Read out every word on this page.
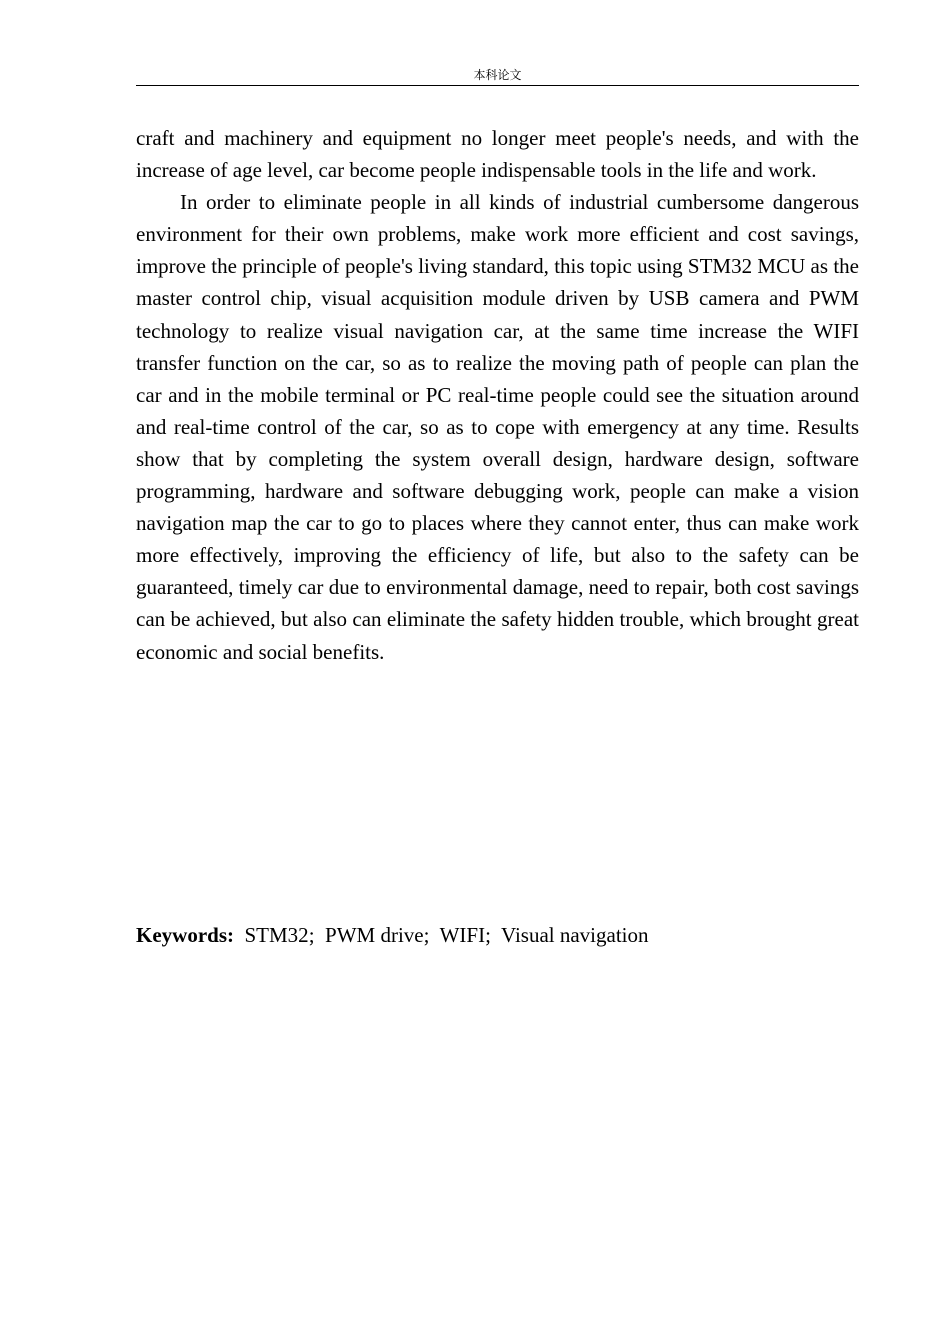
本科论文

craft and machinery and equipment no longer meet people's needs, and with the increase of age level, car become people indispensable tools in the life and work.

In order to eliminate people in all kinds of industrial cumbersome dangerous environment for their own problems, make work more efficient and cost savings, improve the principle of people's living standard, this topic using STM32 MCU as the master control chip, visual acquisition module driven by USB camera and PWM technology to realize visual navigation car, at the same time increase the WIFI transfer function on the car, so as to realize the moving path of people can plan the car and in the mobile terminal or PC real-time people could see the situation around and real-time control of the car, so as to cope with emergency at any time. Results show that by completing the system overall design, hardware design, software programming, hardware and software debugging work, people can make a vision navigation map the car to go to places where they cannot enter, thus can make work more effectively, improving the efficiency of life, but also to the safety can be guaranteed, timely car due to environmental damage, need to repair, both cost savings can be achieved, but also can eliminate the safety hidden trouble, which brought great economic and social benefits.

Keywords: STM32;  PWM drive;  WIFI;  Visual navigation
